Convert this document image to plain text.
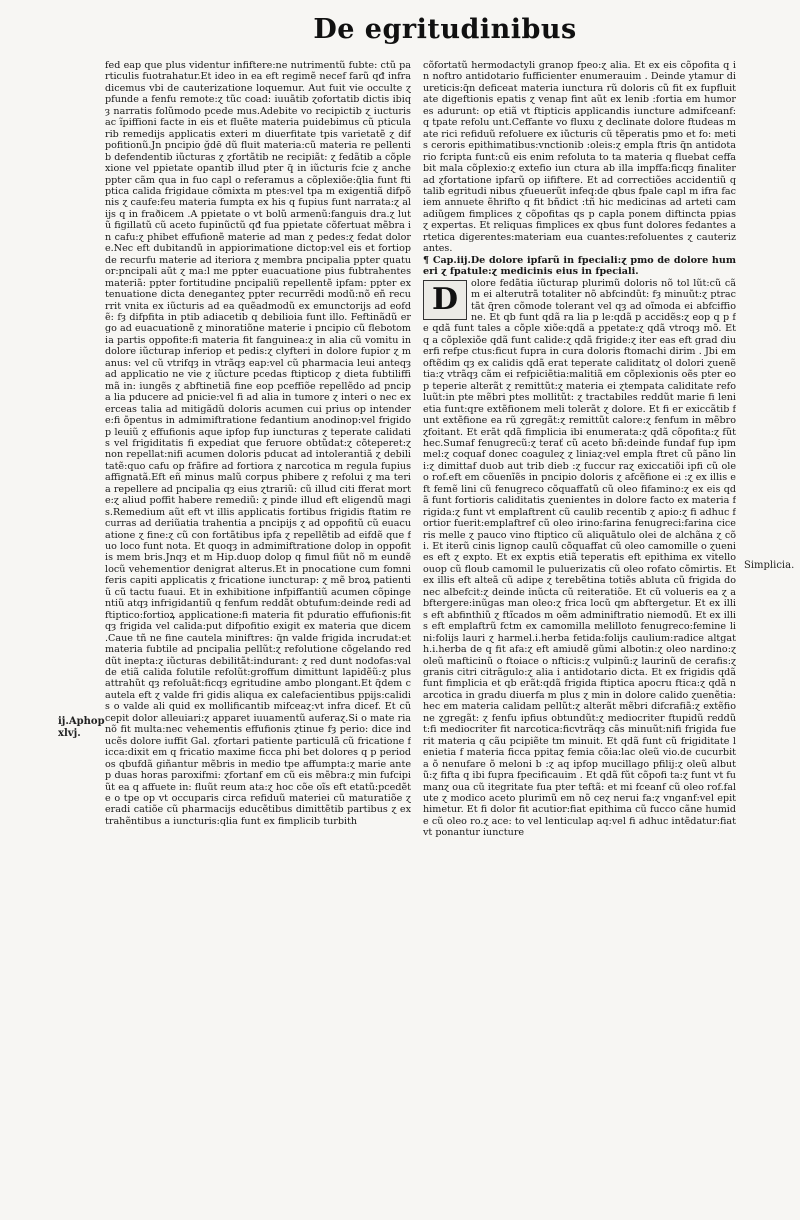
De egritudinibus
ij.Aphop xlvj.
fed eap que plus videntur infiftere:ne nutrimentũ fubte: ctũ particulis fuotrahatur.Et ideo in ea eft regimẽ necef farũ qđ infra dicemus vbi de cauterizatione loquemur. Aut fuit vie occulte ɀ pfunde a fenfu remote:ɀ tũc coad: iuuãtib ɀofortatib dictis ibiqȝ narratis folũmodo pcede mus.Adebite vo recipictib ɀ iucturis ac ĩpiffioni facte in eis et fluẽte materia puidebimus cũ pticularib remedijs applicatis exteri m diuerfitate tpis varietatẽ ɀ dif pofitionũ.Jn pncipio ğdē dũ fluit materia:cũ materia re pellentib defendentib iũcturas ɀ ɀfortãtib ne recipiãt: ɀ fedãtib a cõplexione vel ppietate opantib illud pter q̃ in iũcturis fcie ɀ anche ppter cãm qua in fuo capl o referamus a cõplexiõe:q̃lia funt ftiptica calida frigidaue cõmixta m ptes:vel tpa m exigentiã difpõnis ɀ caufe:feu materia fumpta ex his q fupius funt narrata:ɀ alijs q in fraðicem .A ppietate o vt bolũ armenũ:fanguis dra.ɀ lutũ figillatũ cũ aceto fupinũctũ qđ fua ppietate cõfertuat mẽbra in cafu:ɀ phibet effufionẽ materie ad man ɀ pedes:ɀ fedat dolore.Nec eft dubitandũ in appiorimatione dictop:vel eis et fortiop de recurfu materie ad iteriora ɀ membra pncipalia ppter quatuor:pncipali aũt ɀ ma:l me ppter euacuatione pius fubtrahentes materiã: ppter fortitudine pncipaliũ repellentẽ ipfam: ppter extenuatione dicta deneganteɀ ppter recurrẽdi modũ:nõ eñ recurrit vnita ex iũcturis ad ea quẽadmodũ ex emunctorijs ad eofdẽ: fȝ difpfita in ptib adiacetib q debilioia funt illo. Feftinãdũ ergo ad euacuationẽ ɀ minoratiõne materie i pncipio cũ flebotomia partis oppofite:fi materia fit fanguinea:ɀ in alia cũ vomitu in dolore iũcturap inferiop et pedis:ɀ clyfteri in dolore fupior ɀ manus: vel cũ vtrifqȝ in vtrãqȝ eap:vel cũ pharmacia leui anteqȝ ad applicatio ne vie ɀ iũcture pcedas ftipticop ɀ dieta fubtiliffimã in: iungẽs ɀ abftinetiã fine eop pceffiõe repellẽdo ad pncipa lia pducere ad pnicie:vel fi ad alia in tumore ɀ interi o nec exerceas talia ad mitigãdũ doloris acumen cui prius op intendere:fi õpentus in admimiftratione fedantium anodinop:vel frigidop leuiũ ɀ effufionis aque ipfop fup iuncturas ɀ teperate calidatis vel frigiditatis fi expediat que feruore obtũdat:ɀ cõteperet:ɀ non repellat:nifi acumen doloris pducat ad intolerantiã ɀ debilitatẽ:quo cafu op frãfire ad fortiora ɀ narcotica m regula fupius affignatã.Eft eñ minus malũ corpus phibere ɀ refolui ɀ ma teria repellere ad pncipalia qȝ eius ɀtrariũ: cũ illud citi fferat morte:ɀ aliud poffit habere remediũ: ɀ pinde illud eft eligendũ magis.Remedium aũt eft vt illis applicatis fortibus frigidis ftatim recurras ad deriũatia trahentia a pncipijs ɀ ad oppofitũ cũ euacuatione ɀ fine:ɀ cũ con fortãtibus ipfa ɀ repellẽtib ad eifdẽ que fuo loco funt nota. Et quoqȝ in admimiftratione dolop in oppofitis mem bris.Jnqȝ et m Hip.duop dolop q fimul fiũt nõ m eundẽ locũ vehementior denigrat alterus.Et in pnocatione cum fomniferis capiti applicatis ɀ fricatione iuncturap: ɀ mẽ broꝝ patientiũ cũ tactu fuaui. Et in exhibitione infpiffantiũ acumen cõpingentiũ atqȝ infrigidantiũ q fenfum reddãt obtufum:deinde redi ad ftiptico:fortioꝝ applicatione:fi materia fit pduratio effufionis:fitqȝ frigida vel calida:put difpofitio exigit ex materia que dicem .Caue tñ ne fine cautela miniftres: q̃n valde frigida incrudat:et materia fubtile ad pncipalia pellũt:ɀ refolutione cõgelando reddũt inepta:ɀ iũcturas debilitãt:indurant: ɀ red dunt nodofas:valde etiã calida folutile refolũt:groffum dimittunt lapidẽũ:ɀ plus attrahũt qȝ refoluãt:ficqȝ egritudine ambo plongant.Et q̃dem cautela eft ɀ valde fri gidis aliqua ex calefacientibus ppijs:calidis o valde ali quid ex mollificantib mifceaɀ:vt infra dicef. Et cũ cepit dolor alleuiari:ɀ apparet iuuamentũ auferaɀ.Si o mate ria nõ fit multa:nec vehementis effufionis ɀtinue fȝ perio: dice inducẽs dolore iuffit Gal. ɀfortari patiente particulã cũ fricatione ficca:dixit em q fricatio maxime ficca phi bet dolores q p periodos qbufdã giñantur mẽbris in medio tpe affumpta:ɀ marie ante p duas horas paroxifmi: ɀfortanf em cũ eis mẽbra:ɀ min fufcipiũt ea q affuete in: fluũt reum ata:ɀ hoc cõe oĩs eft etatũ:pcedẽte o tpe op vt occuparis circa refiduũ materiei cũ maturatiõe ɀ eradi catiõe cũ pharmacijs educẽtibus dimittẽtib partibus ɀ extrahẽntibus a iuncturis:qlia funt ex fimplicib turbith
cõfortatũ hermodactyli granop fpeo:ɀ alia. Et ex eis cõpofita q in noftro antidotario fufficienter enumerauim . Deinde ytamur diureticis:q̃n deficeat materia iunctura rũ doloris cũ fit ex fupfluitate digeftionis epatis ɀ venap fint aũt ex lenib :fortia em humores adurunt: op etiã vt ftipticis applicandis iuncture admifceanf:q tpate refolu unt.Ceffante vo fluxu ɀ declinate dolore ftudeas mate rici refiduũ refoluere ex iũcturis cũ tẽperatis pmo et fo: metis ceroris epithimatibus:vnctionib :oleis:ɀ empla ftris q̃n antidotario fcripta funt:cũ eis enim refoluta to ta materia q fluebat ceffabit mala cõplexio:ɀ extefio iun ctura ab illa impffa:ficqȝ finaliter ad ɀfortatione ipfarũ op iififtere. Et ad correctiões accidentiũ q talib egritudi nibus ɀfueuerũt infeq:de qbus fpale capl m ifra faciem annuete ẽhrifto q fit bñdict :tñ hic medicinas ad arteti cam adiũgem fimplices ɀ cõpofitas qs p capla ponem diftincta ppias ɀ expertas. Et reliquas fimplices ex qbus funt dolores fedantes artetica digerentes:materiam eua cuantes:refoluentes ɀ cauterizantes.
¶ Cap.iij.De dolore ipfarũ in fpeciali:ɀ pmo de dolore humeri ɀ fpatule:ɀ medicinis eius in fpeciali.
D	olore fedãtia iũcturap plurimũ doloris nõ tol lũt:cũ cãm ei alterutrã totaliter nõ abfcindũt: fȝ minuũt:ɀ ptractãt q̃ren cõmode tolerant vel qȝ ad oĩmoda ei abfciffione. Et qb funt qdã ra lia p le:qdã p accidẽs:ɀ eop q p fe qdã funt tales a cõple xiõe:qdã a ppetate:ɀ qdã vtroqȝ mõ. Et q a cõplexiõe qdã funt calide:ɀ qdã frigide:ɀ iter eas eft grad diuerfi refpe ctus:ficut fupra in cura doloris ftomachi dirim . Jbi em oftẽdim qȝ ex calidis qdã erat teperate caliditatɀ ol dolori ɀuenẽtia:ɀ vtrãqȝ cãm ei refpiciẽtia:malitiã em cõplexionis oẽs pter eop teperie alterãt ɀ remittũt:ɀ materia ei ɀtempata caliditate refoluũt:in pte mẽbri ptes mollitũt: ɀ tractabiles reddũt marie fi lenietia funt:qre extẽfionem meli tolerãt ɀ dolore. Et fi er exiccãtib funt extẽfione ea rũ ɀgregãt:ɀ remittũt calore:ɀ fenfum in mẽbro ɀfoitant. Et erãt qdã fimplicia ibi enumerata:ɀ qdã cõpofita:ɀ fũt hec.Sumaf fenugrecũ:ɀ terať cũ aceto bñ:deinde fundaf fup ipm mel:ɀ coquaf donec coaguleɀ ɀ liniaɀ:vel empla ftret cũ pãno lini:ɀ dimittaf duob aut trib dieb :ɀ fuccur raɀ exiccatiõi ipfi cũ oleo rof.eft em cõuenĩẽs in pncipio doloris ɀ afcẽfione ei :ɀ ex illis eft femẽ lini cũ fenugreco cõquaffatũ cũ oleo fifamino:ɀ ex eis qdã funt fortioris caliditatis ɀuenientes in dolore facto ex materia frigida:ɀ funt vt emplaftrent cũ caulib recentib ɀ apio:ɀ fi adhuc fortior fuerit:emplaftref cũ oleo irino:farina fenugreci:farina ciceris melle ɀ pauco vino ftiptico cũ aliquãtulo olei de alchãna ɀ cõi. Et iterũ cinis lignop caulũ cõquaffat cũ oleo camomille o ɀuenies eft ɀ expto. Et ex exptis etiã teperatis eft epithima ex vitello ouop cũ floub camomil le puluerizatis cũ oleo rofato cõmirtis. Et ex illis eft alteã cũ adipe ɀ terebẽtina totiẽs abluta cũ frigida donec albefcit:ɀ deinde inũcta cũ reiteratiõe. Et cũ volueris ea ɀ abftergere:inũgas man oleo:ɀ frica locũ qm abftergetur. Et ex illis eft abfinthiũ ɀ ftĩcados m oẽm adminiftratio niemodũ. Et ex illis eft emplaftrũ fctm ex camomilla melilloto fenugreco:femine lini:folijs lauri ɀ harmel.i.herba fetida:folijs caulium:radice altgath.i.herba de q fit afa:ɀ eft amiudẽ gũmi albotin:ɀ oleo nardino:ɀ oleũ mafticinũ o ftoiace o nfticis:ɀ vulpinũ:ɀ laurinũ de cerafis:ɀ granis citri citrãgulo:ɀ alia i antidotario dicta. Et ex frigidis qdã funt fimplicia et qb erãt:qdã frigida ftiptica apocru ftica:ɀ qdã narcotica in gradu diuerfa m plus ɀ min in dolore calido ɀuenẽtia:hec em materia calidam pellũt:ɀ alterãt mẽbri difcrafiã:ɀ extẽfione ɀgregãt: ɀ fenfu ipfius obtundũt:ɀ mediocriter ftupidũ reddũt:fi mediocriter fit narcotica:ficvtrãqȝ cãs minuũt:nifi frigida fuerit materia q cãu pcipiẽte tm minuit. Et qdã funt cũ frigiditate lenietia f materia ficca ppitaɀ femia cõia:lac oleũ vio.de cucurbita õ nenufare õ meloni b :ɀ aq ipfop mucillago pfilij:ɀ oleũ albutũ:ɀ fifta q ibi fupra fpecificauim . Et qdã fũt cõpofi ta:ɀ funt vt fumanɀ oua cũ itegritate fua pter teftã: et mi fceanf cũ oleo rof.falute ɀ modico aceto plurimũ em nõ ceɀ nerui fa:ɀ vnganf:vel epithimetur. Et fi dolor fit acutior:fiat epithima cũ fucco cãne humide cũ oleo ro.ɀ ace: to vel lenticulap aq:vel fi adhuc intẽdatur:fiat vt ponantur iuncture
Simplicia.
